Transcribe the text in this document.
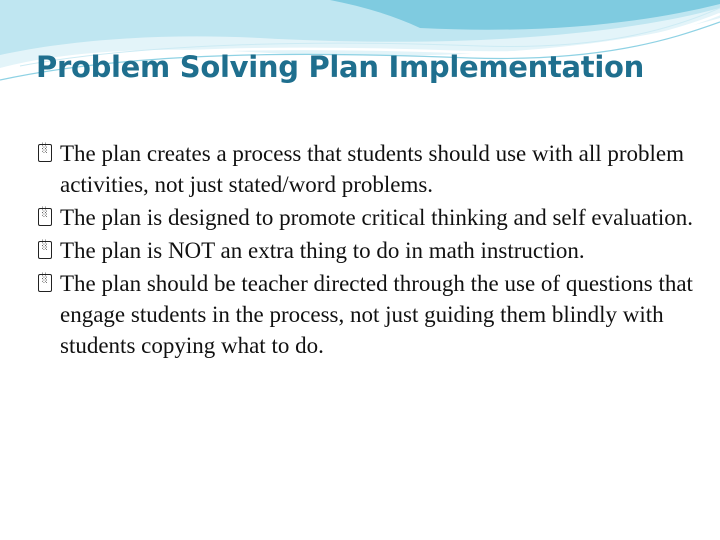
Problem Solving Plan Implementation
░ The plan creates a process that students should use with all problem activities, not just stated/word problems.
░ The plan is designed to promote critical thinking and self evaluation.
░ The plan is NOT an extra thing to do in math instruction.
░ The plan should be teacher directed through the use of questions that engage students in the process, not just guiding them blindly with students copying what to do.
